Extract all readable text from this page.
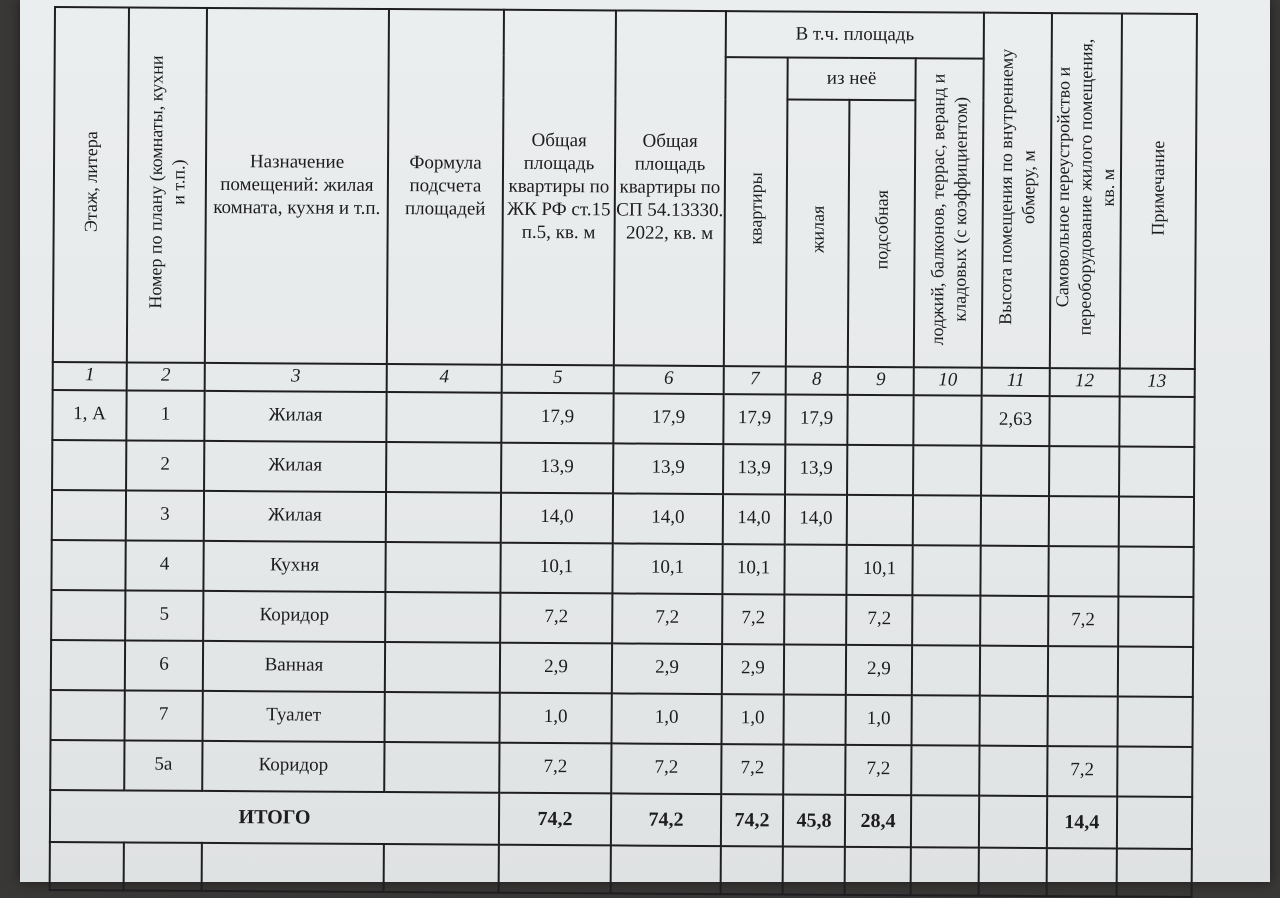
Этаж, литера	Номер по плану (комнаты, кухни и т.п.)	Назначение помещений: жилая комната, кухня и т.п.	Формула подсчета площадей	Общая площадь квартиры по ЖК РФ ст.15 п.5, кв. м	Общая площадь квартиры по СП 54.13330. 2022, кв. м	В т.ч. площадь				Высота помещения по внутреннему обмеру, м	Самовольное переустройство и переоборудование жилого помещения, кв. м	Примечание
						квартиры	из неё		лоджий, балконов, террас, веранд и кладовых (с коэффициентом)			
							жилая	подсобная				
1	2	3	4	5	6	7	8	9	10	11	12	13
1, А	1	Жилая		17,9	17,9	17,9	17,9			2,63		
	2	Жилая		13,9	13,9	13,9	13,9					
	3	Жилая		14,0	14,0	14,0	14,0					
	4	Кухня		10,1	10,1	10,1		10,1				
	5	Коридор		7,2	7,2	7,2		7,2			7,2	
	6	Ванная		2,9	2,9	2,9		2,9				
	7	Туалет		1,0	1,0	1,0		1,0				
	5а	Коридор		7,2	7,2	7,2		7,2			7,2	
ИТОГО				74,2	74,2	74,2	45,8	28,4			14,4	
